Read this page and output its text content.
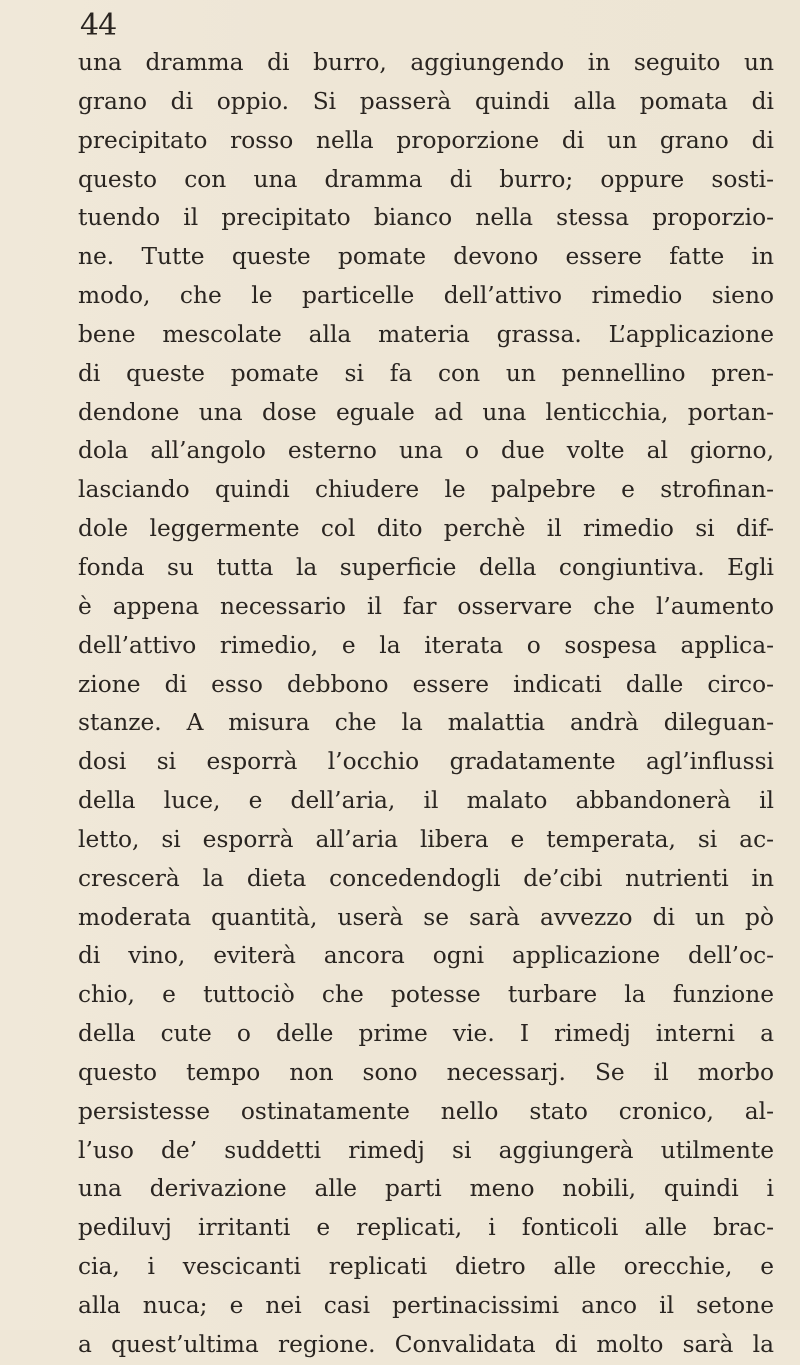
44
una dramma di burro, aggiungendo in seguito un
grano di oppio. Si passerà quindi alla pomata di
precipitato rosso nella proporzione di un grano di
questo con una dramma di burro; oppure sosti-
tuendo il precipitato bianco nella stessa proporzio-
ne. Tutte queste pomate devono essere fatte in
modo, che le particelle dell’attivo rimedio sieno
bene mescolate alla materia grassa. L’applicazione
di queste pomate si fa con un pennellino pren-
dendone una dose eguale ad una lenticchia, portan-
dola all’angolo esterno una o due volte al giorno,
lasciando quindi chiudere le palpebre e strofinan-
dole leggermente col dito perchè il rimedio si dif-
fonda su tutta la superficie della congiuntiva. Egli
è appena necessario il far osservare che l’aumento
dell’attivo rimedio, e la iterata o sospesa applica-
zione di esso debbono essere indicati dalle circo-
stanze. A misura che la malattia andrà dileguan-
dosi si esporrà l’occhio gradatamente agl’influssi
della luce, e dell’aria, il malato abbandonerà il
letto, si esporrà all’aria libera e temperata, si ac-
crescerà la dieta concedendogli de’cibi nutrienti in
moderata quantità, userà se sarà avvezzo di un pò
di vino, eviterà ancora ogni applicazione dell’oc-
chio, e tuttociò che potesse turbare la funzione
della cute o delle prime vie. I rimedj interni a
questo tempo non sono necessarj. Se il morbo
persistesse ostinatamente nello stato cronico, al-
l’uso de’ suddetti rimedj si aggiungerà utilmente
una derivazione alle parti meno nobili, quindi i
pediluvj irritanti e replicati, i fonticoli alle brac-
cia, i vescicanti replicati dietro alle orecchie, e
alla nuca; e nei casi pertinacissimi anco il setone
a quest’ultima regione. Convalidata di molto sarà la
